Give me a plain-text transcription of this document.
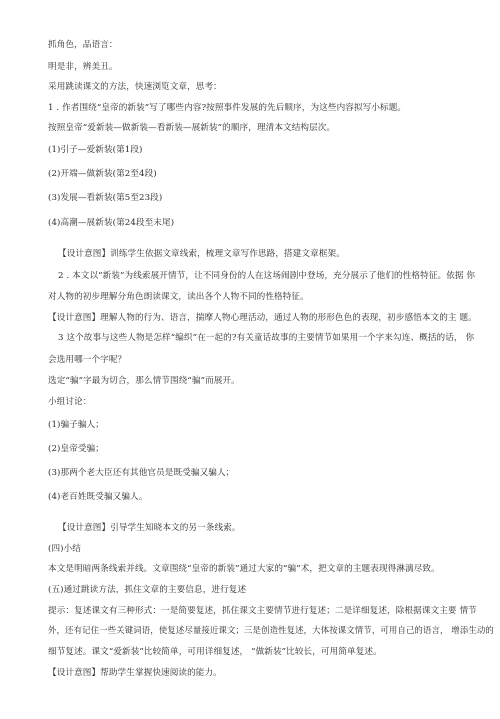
抓角色，品语言：
明是非，辨美丑。
采用跳读课文的方法，快速浏览文章，思考：
1 . 作者围绕“皇帝的新装”写了哪些内容?按照事件发展的先后顺序，为这些内容拟写小标题。
按照皇帝“爱新装—做新装—看新装—展新装”的顺序，理清本文结构层次。
(1)引子—爱新装(第1段)
(2)开端—做新装(第2至4段)
(3)发展—看新装(第5至23段)
(4)高潮—展新装(第24段至末尾)
【设计意图】训练学生依据文章线索，梳理文章写作思路，搭建文章框架。
2 . 本文以“新装”为线索展开情节，让不同身份的人在这场闹剧中登场，充分展示了他们的性格特征。依据 你
对人物的初步理解分角色朗读课文，读出各个人物不同的性格特征。
【设计意图】理解人物的行为、语言，揣摩人物心理活动，通过人物的形形色色的表现，初步感悟本文的主 题。
3 这个故事与这些人物是怎样“编织”在一起的?有关童话故事的主要情节如果用一个字来勾连、概括的话， 你
会选用哪一个字呢？
选定“骗”字最为切合，那么情节围绕“骗”而展开。
小组讨论：
(1)骗子骗人；
(2)皇帝受骗；
(3)那两个老大臣还有其他官员是既受骗又骗人；
(4)老百姓既受骗又骗人。
【设计意图】引导学生知晓本文的另一条线索。
(四)小结
本文是明暗两条线索并线。文章围绕“皇帝的新装”通过大家的“骗”术，把文章的主题表现得淋漓尽致。
(五)通过跳读方法，抓住文章的主要信息，进行复述
提示：复述课文有三种形式：一是简要复述，抓住课文主要情节进行复述；二是详细复述，除根据课文主要 情节
外，还有记住一些关键词语，使复述尽量接近课文；三是创造性复述，大体按课文情节，可用自己的语言， 增添生动的
细节复述。课文“爱新装”比较简单，可用详细复述， “做新装”比较长，可用简单复述。
【设计意图】帮助学生掌握快速阅读的能力。
